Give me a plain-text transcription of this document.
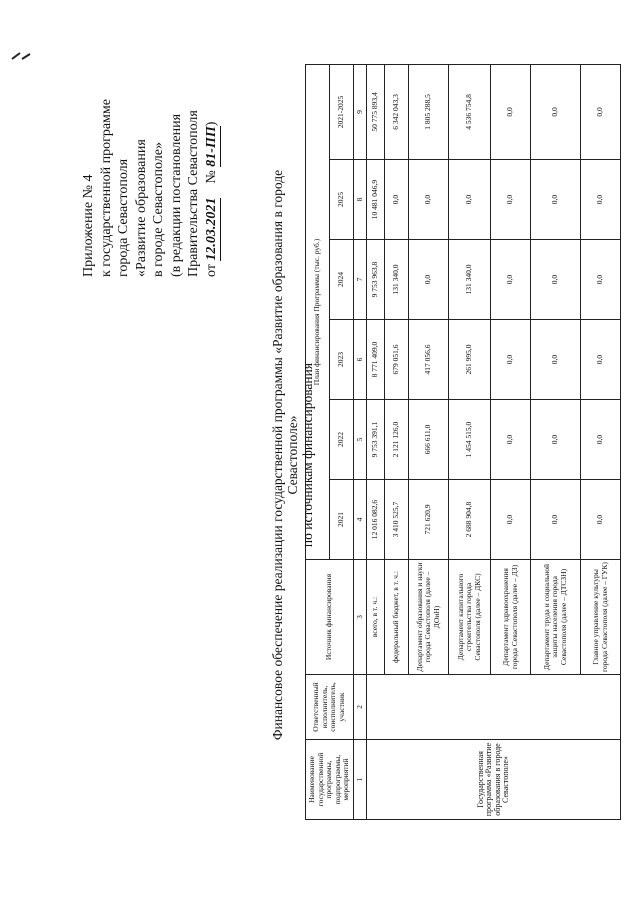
Приложение № 4 к государственной программе города Севастополя «Развитие образования в городе Севастополе» (в редакции постановления Правительства Севастополя от 12.03.2021    № 81-ПП)
Финансовое обеспечение реализации государственной программы «Развитие образования в городе Севастополе» по источникам финансирования
Наименование государственной программы, подпрограммы, мероприятий	Ответственный исполнитель, соисполнитель, участник	Источник финансирования	План финансирования Программы (тыс. руб.)					
			2021	2022	2023	2024	2025	2021-2025
1	2	3	4	5	6	7	8	9
Государственная программа «Развитие образования в городе Севастополе»		всего, в т. ч.:	12 016 082,6	9 753 391,1	8 771 409,0	9 753 963,8	10 481 046,9	50 775 893,4
		федеральный бюджет, в т. ч.:	3 410 525,7	2 121 126,0	679 051,6	131 340,0	0,0	6 342 043,3
		Департамент образования и науки города Севастополя (далее – ДОиН)	721 620,9	666 611,0	417 056,6	0,0	0,0	1 805 288,5
		Департамент капитального строительства города Севастополя (далее – ДКС)	2 688 904,8	1 454 515,0	261 995,0	131 340,0	0,0	4 536 754,8
		Департамент здравоохранения города Севастополя (далее – ДЗ)	0,0	0,0	0,0	0,0	0,0	0,0
		Департамент труда и социальной защиты населения города Севастополя (далее – ДТСЗН)	0,0	0,0	0,0	0,0	0,0	0,0
		Главное управление культуры города Севастополя (далее – ГУК)	0,0	0,0	0,0	0,0	0,0	0,0
